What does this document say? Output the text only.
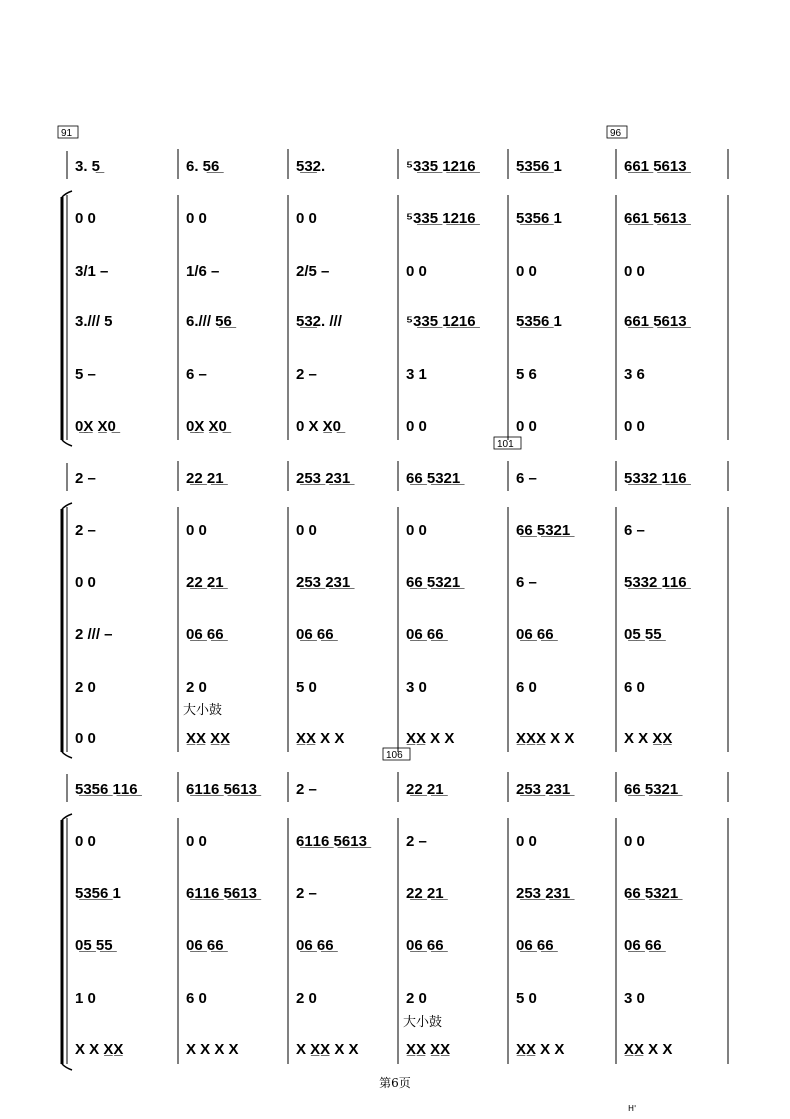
3. 5̲	6. 5̲6̲	5̲3̲2.	⁵3̲3̲5̲ 1̲2̲1̲6̲	5̲3̲5̲6̲ 1	6̲6̲1̲ 5̲6̲1̲3̲
0 0	0 0	0 0	⁵3̲3̲5̲ 1̲2̲1̲6̲	5̲3̲5̲6̲ 1	6̲6̲1̲ 5̲6̲1̲3̲
3/1 –	1/6 –	2/5 –	0 0	0 0	0 0
3./// 5	6./// 5̲6̲	5̲3̲2. ///	⁵3̲3̲5̲ 1̲2̲1̲6̲	5̲3̲5̲6̲ 1	6̲6̲1̲ 5̲6̲1̲3̲
5 –	6 –	2 –	3 1	5 6	3 6
0̲X̲ X̲0̲	0̲X̲ X̲0̲	0 X X̲0̲	0 0	0 0	0 0
2 –	2̲2̲ 2̲1̲	2̲5̲3̲ 2̲3̲1̲	6̲6̲ 5̲3̲2̲1̲	6 –	5̲3̲3̲2̲ 1̲1̲6̲
2 –	0 0	0 0	0 0	6̲6̲ 5̲3̲2̲1̲	6 –
0 0	2̲2̲ 2̲1̲	2̲5̲3̲ 2̲3̲1̲	6̲6̲ 5̲3̲2̲1̲	6 –	5̲3̲3̲2̲ 1̲1̲6̲
2 /// –	0̲6̲ 6̲6̲	0̲6̲ 6̲6̲	0̲6̲ 6̲6̲	0̲6̲ 6̲6̲	0̲5̲ 5̲5̲
2 0	2 0	5 0	3 0	6 0	6 0
0 0	X̲X̲ X̲X̲	X̲X̲ X X	X̲X̲ X X	X̲X̲X̲ X X	X X X̲X̲
5̲3̲5̲6̲ 1̲1̲6̲	6̲1̲1̲6̲ 5̲6̲1̲3̲	2 –	2̲2̲ 2̲1̲	2̲5̲3̲ 2̲3̲1̲	6̲6̲ 5̲3̲2̲1̲
0 0	0 0	6̲1̲1̲6̲ 5̲6̲1̲3̲	2 –	0 0	0 0
5̲3̲5̲6̲ 1	6̲1̲1̲6̲ 5̲6̲1̲3̲	2 –	2̲2̲ 2̲1̲	2̲5̲3̲ 2̲3̲1̲	6̲6̲ 5̲3̲2̲1̲
0̲5̲ 5̲5̲	0̲6̲ 6̲6̲	0̲6̲ 6̲6̲	0̲6̲ 6̲6̲	0̲6̲ 6̲6̲	0̲6̲ 6̲6̲
1 0	6 0	2 0	2 0	5 0	3 0
X X X̲X̲	X X X X	X X̲X̲ X X	X̲X̲ X̲X̲	X̲X̲ X X	X̲X̲ X X
91	96
101
106
大小鼓
大小鼓
第6页
H'
